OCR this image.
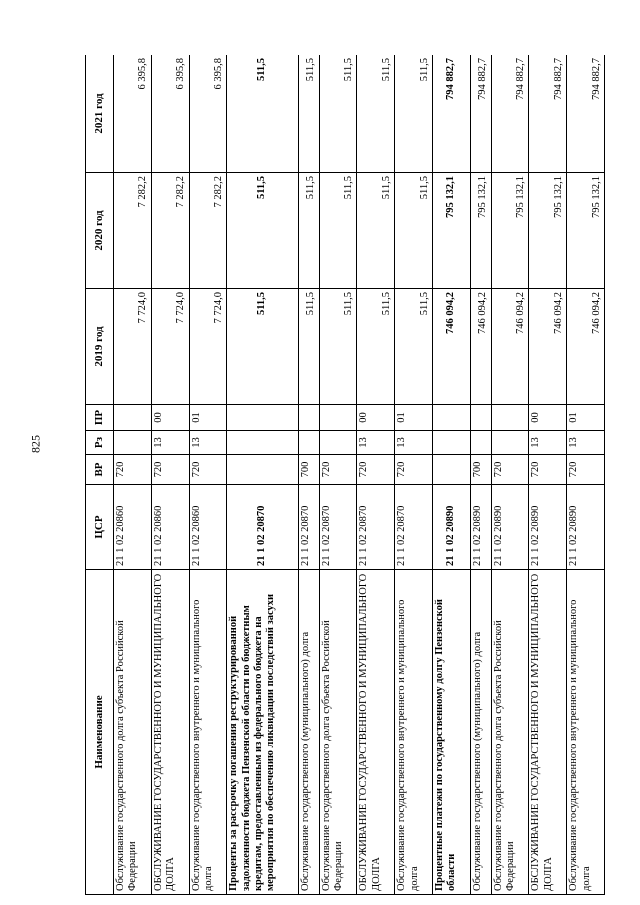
825
Наименование	ЦСР	ВР	Рз	ПР	2019 год	2020 год	2021 год
Обслуживание государственного долга субъекта Российской Федерации	21 1 02 20860	720			7 724,0	7 282,2	6 395,8
ОБСЛУЖИВАНИЕ ГОСУДАРСТВЕННОГО И МУНИЦИПАЛЬНОГО ДОЛГА	21 1 02 20860	720	13	00	7 724,0	7 282,2	6 395,8
Обслуживание государственного внутреннего и муниципального долга	21 1 02 20860	720	13	01	7 724,0	7 282,2	6 395,8
Проценты за рассрочку погашения реструктурированной задолженности бюджета Пензенской области по бюджетным кредитам, предоставленным из федерального бюджета на мероприятия по обеспечению ликвидации последствий засухи	21 1 02 20870				511,5	511,5	511,5
Обслуживание государственного (муниципального) долга	21 1 02 20870	700			511,5	511,5	511,5
Обслуживание государственного долга субъекта Российской Федерации	21 1 02 20870	720			511,5	511,5	511,5
ОБСЛУЖИВАНИЕ ГОСУДАРСТВЕННОГО И МУНИЦИПАЛЬНОГО ДОЛГА	21 1 02 20870	720	13	00	511,5	511,5	511,5
Обслуживание государственного внутреннего и муниципального долга	21 1 02 20870	720	13	01	511,5	511,5	511,5
Процентные платежи по государственному долгу Пензенской области	21 1 02 20890				746 094,2	795 132,1	794 882,7
Обслуживание государственного (муниципального) долга	21 1 02 20890	700			746 094,2	795 132,1	794 882,7
Обслуживание государственного долга субъекта Российской Федерации	21 1 02 20890	720			746 094,2	795 132,1	794 882,7
ОБСЛУЖИВАНИЕ ГОСУДАРСТВЕННОГО И МУНИЦИПАЛЬНОГО ДОЛГА	21 1 02 20890	720	13	00	746 094,2	795 132,1	794 882,7
Обслуживание государственного внутреннего и муниципального долга	21 1 02 20890	720	13	01	746 094,2	795 132,1	794 882,7
